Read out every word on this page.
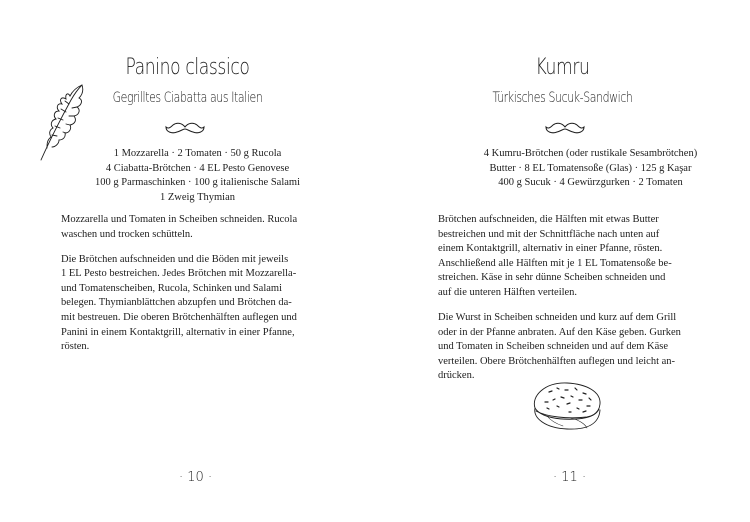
Panino classico
Gegrilltes Ciabatta aus Italien
1 Mozzarella · 2 Tomaten · 50 g Rucola
4 Ciabatta-Brötchen · 4 EL Pesto Genovese
100 g Parmaschinken · 100 g italienische Salami
1 Zweig Thymian

Mozzarella und Tomaten in Scheiben schneiden. Rucola
waschen und trocken schütteln.

Die Brötchen aufschneiden und die Böden mit jeweils
1 EL Pesto bestreichen. Jedes Brötchen mit Mozzarella-
und Tomatenscheiben, Rucola, Schinken und Salami
belegen. Thymianblättchen abzupfen und Brötchen da-
mit bestreuen. Die oberen Brötchenhälften auflegen und
Panini in einem Kontaktgrill, alternativ in einer Pfanne,
rösten.

· 10 ·
Kumru
Türkisches Sucuk-Sandwich
4 Kumru-Brötchen (oder rustikale Sesambrötchen)
Butter · 8 EL Tomatensoße (Glas) · 125 g Kaşar
400 g Sucuk · 4 Gewürzgurken · 2 Tomaten

Brötchen aufschneiden, die Hälften mit etwas Butter
bestreichen und mit der Schnittfläche nach unten auf
einem Kontaktgrill, alternativ in einer Pfanne, rösten.
Anschließend alle Hälften mit je 1 EL Tomatensoße be-
streichen. Käse in sehr dünne Scheiben schneiden und
auf die unteren Hälften verteilen.

Die Wurst in Scheiben schneiden und kurz auf dem Grill
oder in der Pfanne anbraten. Auf den Käse geben. Gurken
und Tomaten in Scheiben schneiden und auf dem Käse
verteilen. Obere Brötchenhälften auflegen und leicht an-
drücken.

· 11 ·
